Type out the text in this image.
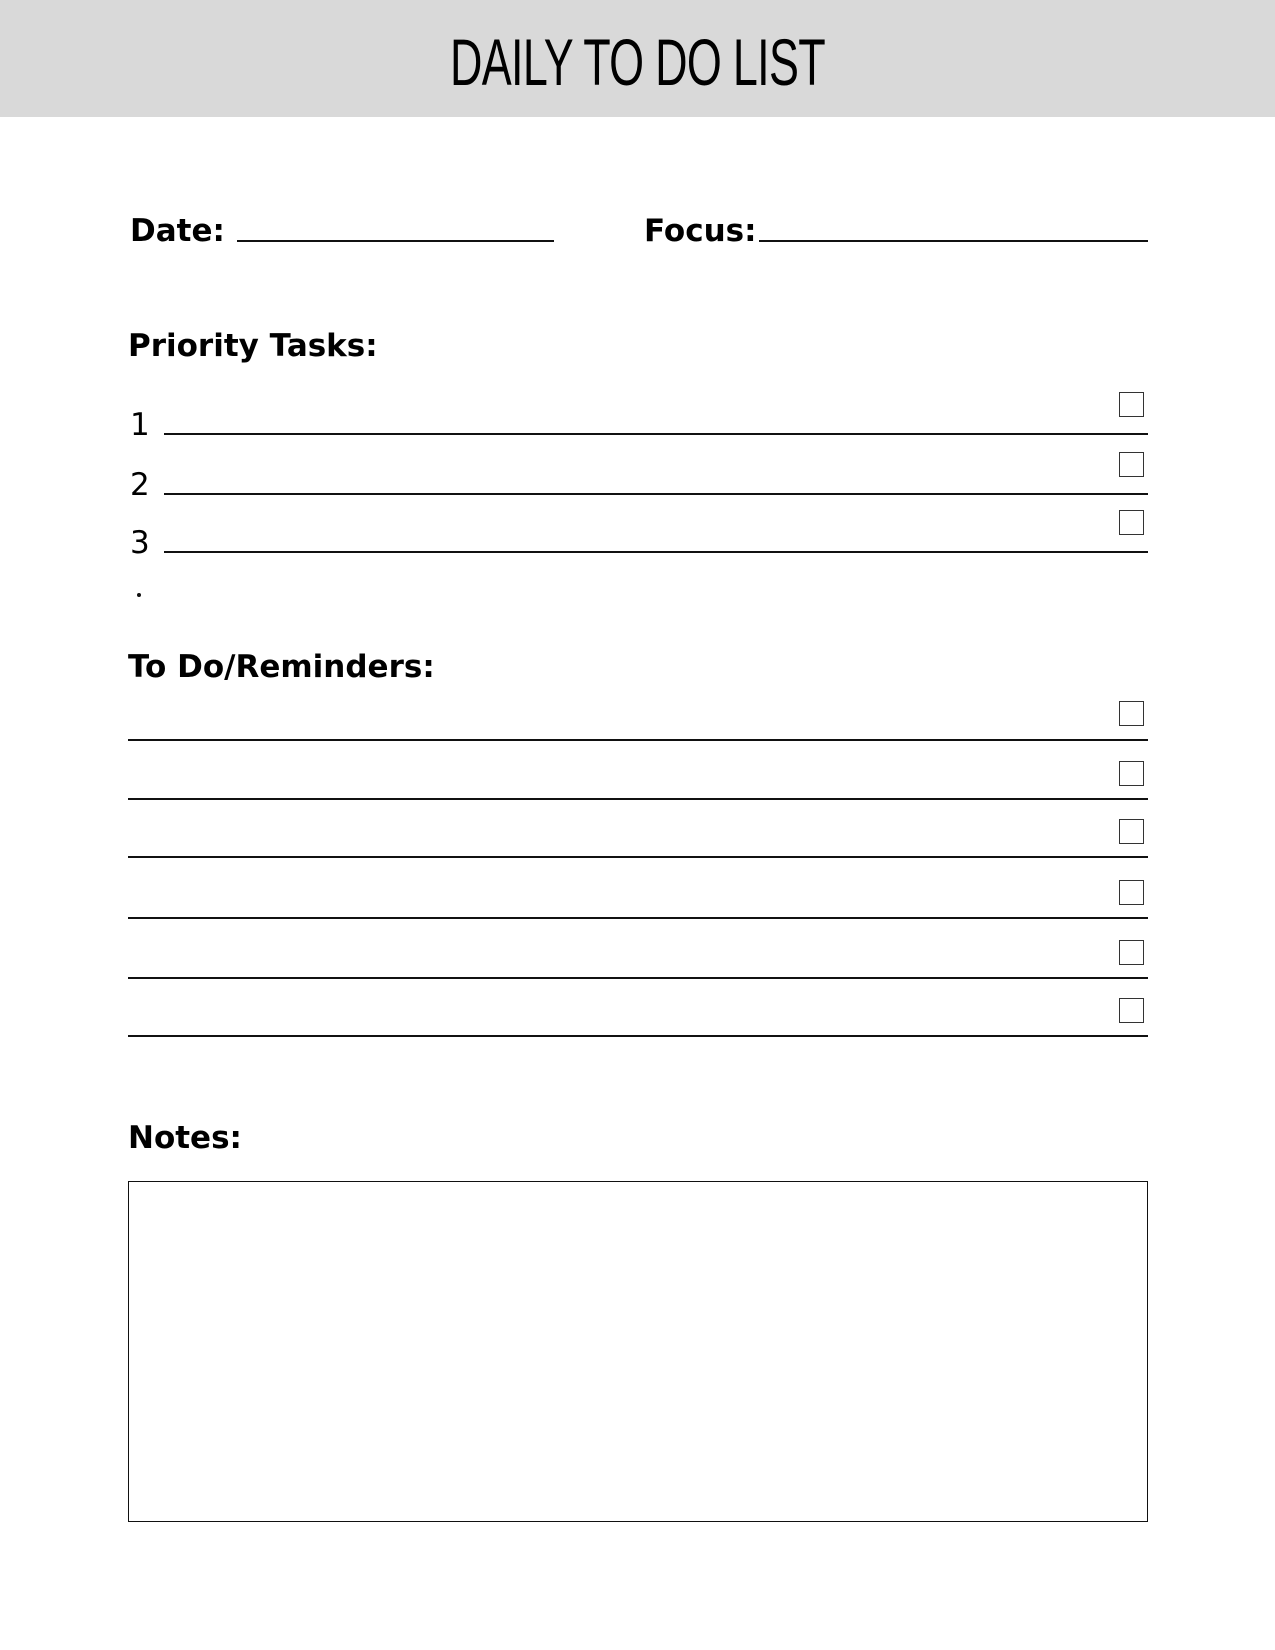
DAILY TO DO LIST
Date:	Focus:
Priority Tasks:
1
2
3
To Do/Reminders:
Notes:
